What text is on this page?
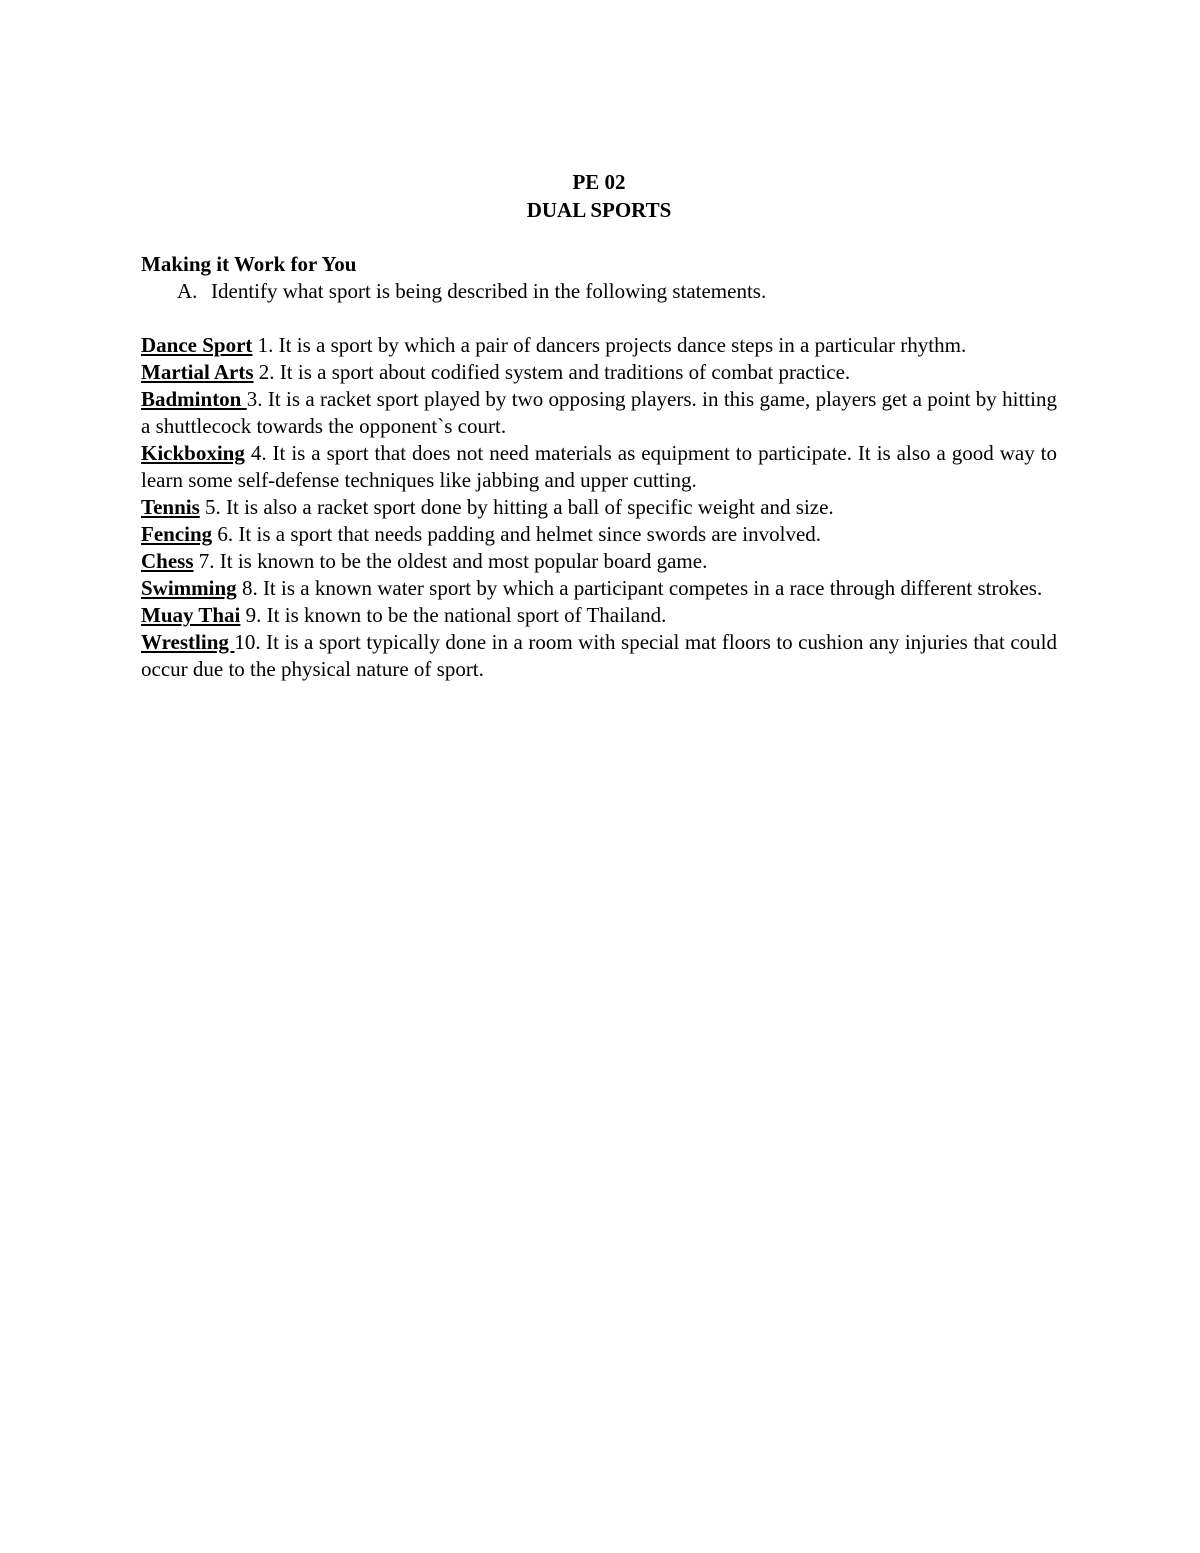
PE 02

DUAL SPORTS

Making it Work for You

A. Identify what sport is being described in the following statements.

Dance Sport 1. It is a sport by which a pair of dancers projects dance steps in a particular rhythm.

Martial Arts 2. It is a sport about codified system and traditions of combat practice.

Badminton 3. It is a racket sport played by two opposing players. in this game, players get a point by hitting a shuttlecock towards the opponent`s court.

Kickboxing 4. It is a sport that does not need materials as equipment to participate. It is also a good way to learn some self-defense techniques like jabbing and upper cutting.

Tennis 5. It is also a racket sport done by hitting a ball of specific weight and size.

Fencing 6. It is a sport that needs padding and helmet since swords are involved.

Chess 7. It is known to be the oldest and most popular board game.

Swimming 8. It is a known water sport by which a participant competes in a race through different strokes.

Muay Thai 9. It is known to be the national sport of Thailand.

Wrestling 10. It is a sport typically done in a room with special mat floors to cushion any injuries that could occur due to the physical nature of sport.
